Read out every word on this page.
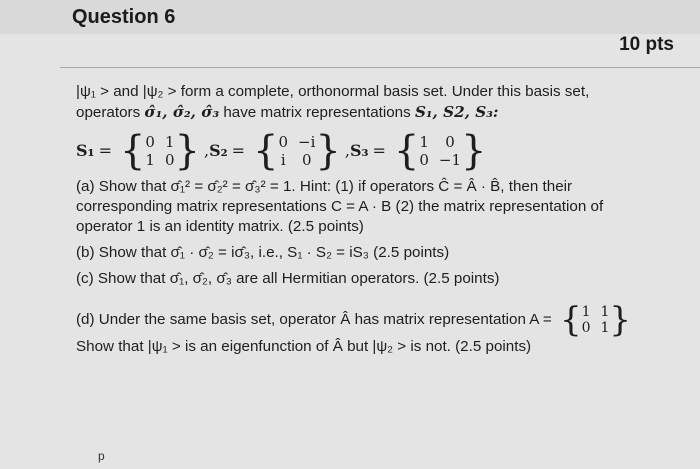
Question 6
10 pts
|ψ₁ > and |ψ₂ > form a complete, orthonormal basis set. Under this basis set,
operators σ̂₁, σ̂₂, σ̂₃ have matrix representations S₁, S2, S₃:
S₁ = { 0 1
1 0 } , S₂ = { 0 −i
i 0 } , S₃ = { 1	0
0 −1 }
(a) Show that σ̂₁² = σ̂₂² = σ̂₃² = 1. Hint: (1) if operators Ĉ = Â · B̂, then their
corresponding matrix representations C = A · B (2) the matrix representation of
operator 1 is an identity matrix. (2.5 points)
(b) Show that σ̂₁ · σ̂₂ = iσ̂₃, i.e., S₁ · S₂ = iS₃ (2.5 points)
(c) Show that σ̂₁, σ̂₂, σ̂₃ are all Hermitian operators. (2.5 points)
(d) Under the same basis set, operator Â has matrix representation A = { 1 1
0 1 }
Show that |ψ₁ > is an eigenfunction of Â but |ψ₂ > is not. (2.5 points)
p
